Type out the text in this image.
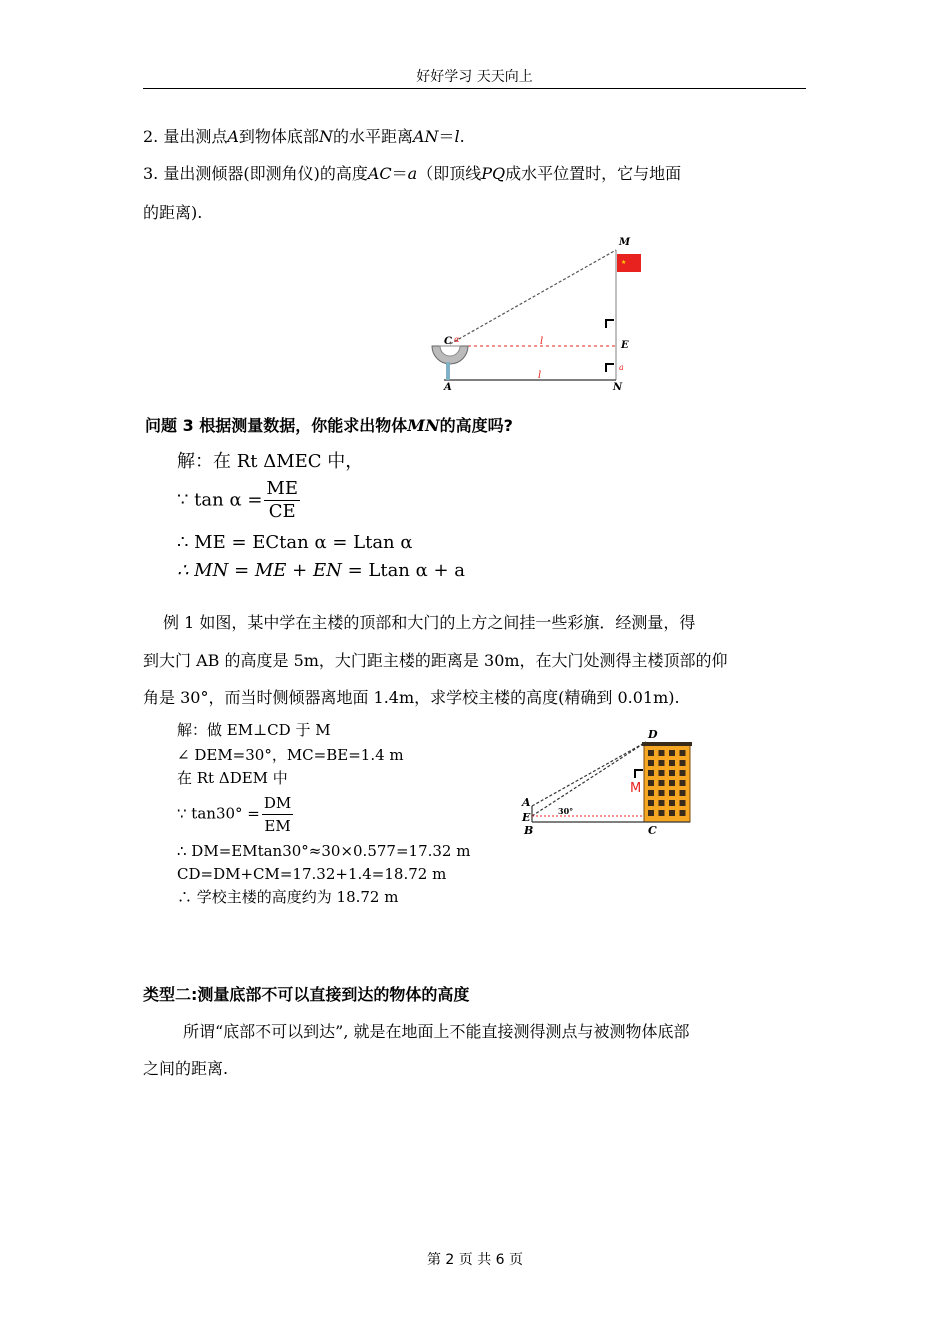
好好学习 天天向上
2. 量出测点A到物体底部N的水平距离AN＝l.
3. 量出测倾器(即测角仪)的高度AC＝a（即顶线PQ成水平位置时，它与地面
的距离).
★
M
C α	l	E
a
A
l
N
问题 3 根据测量数据，你能求出物体MN的高度吗?
解：在 Rt ΔMEC 中，
∵ $\tan \alpha = \frac{ME}{CE}$
∴ ME = ECtan α = Ltan α
∴ MN = ME + EN = Ltan α + a
例 1 如图，某中学在主楼的顶部和大门的上方之间挂一些彩旗．经测量，得
到大门 AB 的高度是 5m，大门距主楼的距离是 30m，在大门处测得主楼顶部的仰
角是 30°，而当时侧倾器离地面 1.4m，求学校主楼的高度(精确到 0.01m).
解：做 EM⊥CD 于 M
∠ DEM=30°，MC=BE=1.4 m
在 Rt ΔDEM 中
∵ $\tan 30^\circ = \frac{DM}{EM}$
∴ DM=EMtan30°≈30×0.577=17.32 m
CD=DM+CM=17.32+1.4=18.72 m
∴ 学校主楼的高度约为 18.72 m
D
M
A
30°
E
B	C
类型二:测量底部不可以直接到达的物体的高度
所谓“底部不可以到达”, 就是在地面上不能直接测得测点与被测物体底部
之间的距离.
第 2 页 共 6 页
